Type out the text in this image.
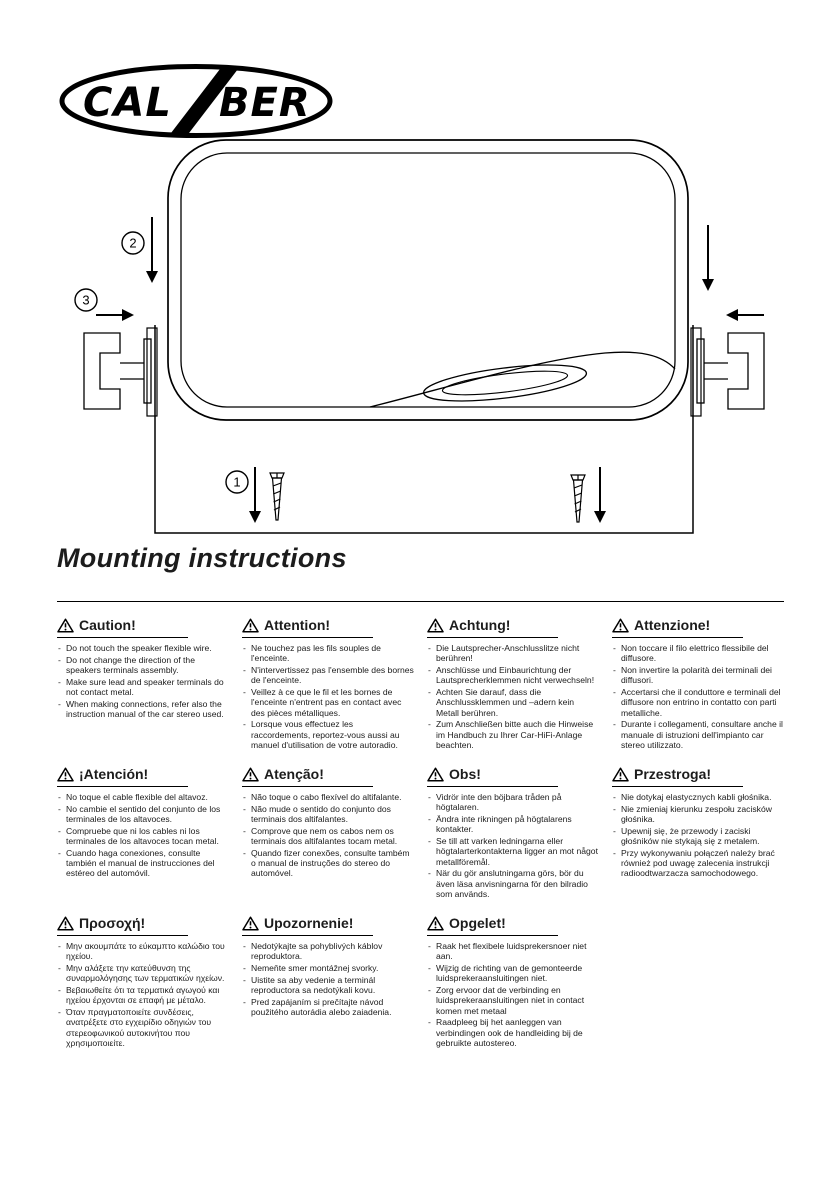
CAL BER
2
3
1
Mounting instructions
Caution!
- Do not touch the speaker flexible wire.
- Do not change the direction of the speakers terminals assembly.
- Make sure lead and speaker terminals do not contact metal.
- When making connections, refer also the instruction manual of the car stereo used.
Attention!
- Ne touchez pas les fils souples de l'enceinte.
- N'intervertissez pas l'ensemble des bornes de l'enceinte.
- Veillez à ce que le fil et les bornes de l'enceinte n'entrent pas en contact avec des pièces métalliques.
- Lorsque vous effectuez les raccordements, reportez-vous aussi au manuel d'utilisation de votre autoradio.
Achtung!
- Die Lautsprecher-Anschlusslitze nicht berühren!
- Anschlüsse und Einbaurichtung der Lautsprecherklemmen nicht verwechseln!
- Achten Sie darauf, dass die Anschlussklemmen und –adern kein Metall berühren.
- Zum Anschließen bitte auch die Hinweise im Handbuch zu Ihrer Car-HiFi-Anlage beachten.
Attenzione!
- Non toccare il filo elettrico flessibile del diffusore.
- Non invertire la polarità dei terminali dei diffusori.
- Accertarsi che il conduttore e terminali del diffusore non entrino in contatto con parti metalliche.
- Durante i collegamenti, consultare anche il manuale di istruzioni dell'impianto car stereo utilizzato.
¡Atención!
- No toque el cable flexible del altavoz.
- No cambie el sentido del conjunto de los terminales de los altavoces.
- Compruebe que ni los cables ni los terminales de los altavoces tocan metal.
- Cuando haga conexiones, consulte también el manual de instrucciones del estéreo del automóvil.
Atenção!
- Não toque o cabo flexível do altifalante.
- Não mude o sentido do conjunto dos terminais dos altifalantes.
- Comprove que nem os cabos nem os terminais dos altifalantes tocam metal.
- Quando fizer conexões, consulte também o manual de instruções do stereo do automóvel.
Obs!
- Vidrör inte den böjbara tråden på högtalaren.
- Ändra inte rikningen på högtalarens kontakter.
- Se till att varken ledningarna eller högtalarterkontakterna ligger an mot något metallföremål.
- När du gör anslutningarna görs, bör du även läsa anvisningarna för den bilradio som används.
Przestroga!
- Nie dotykaj elastycznych kabli głośnika.
- Nie zmieniaj kierunku zespołu zacisków głośnika.
- Upewnij się, że przewody i zaciski głośników nie stykają się z metalem.
- Przy wykonywaniu połączeń należy brać również pod uwagę zalecenia instrukcji radioodtwarzacza samochodowego.
Προσοχή!
- Μην ακουμπάτε το εύκαμπτο καλώδιο του ηχείου.
- Μην αλάξετε την κατεύθυνση της συναρμολόγησης των τερματικών ηχείων.
- Βεβαιωθείτε ότι τα τερματικά αγωγού και ηχείου έρχονται σε επαφή με μέταλο.
- Όταν πραγματοποιείτε συνδέσεις, ανατρέξετε στο εγχειρίδιο οδηγιών του στερεοφωνικού αυτοκινήτου που χρησιμοποιείτε.
Upozornenie!
- Nedotýkajte sa pohyblivých káblov reproduktora.
- Nemeňte smer montážnej svorky.
- Uistite sa aby vedenie a terminál reproductora sa nedotýkali kovu.
- Pred zapájaním si prečítajte návod použitého autorádia alebo zaiadenia.
Opgelet!
- Raak het flexibele luidsprekersnoer niet aan.
- Wijzig de richting van de gemonteerde luidsprekeraansluitingen niet.
- Zorg ervoor dat de verbinding en luidsprekeraansluitingen niet in contact komen met metaal
- Raadpleeg bij het aanleggen van verbindingen ook de handleiding bij de gebruikte autostereo.
